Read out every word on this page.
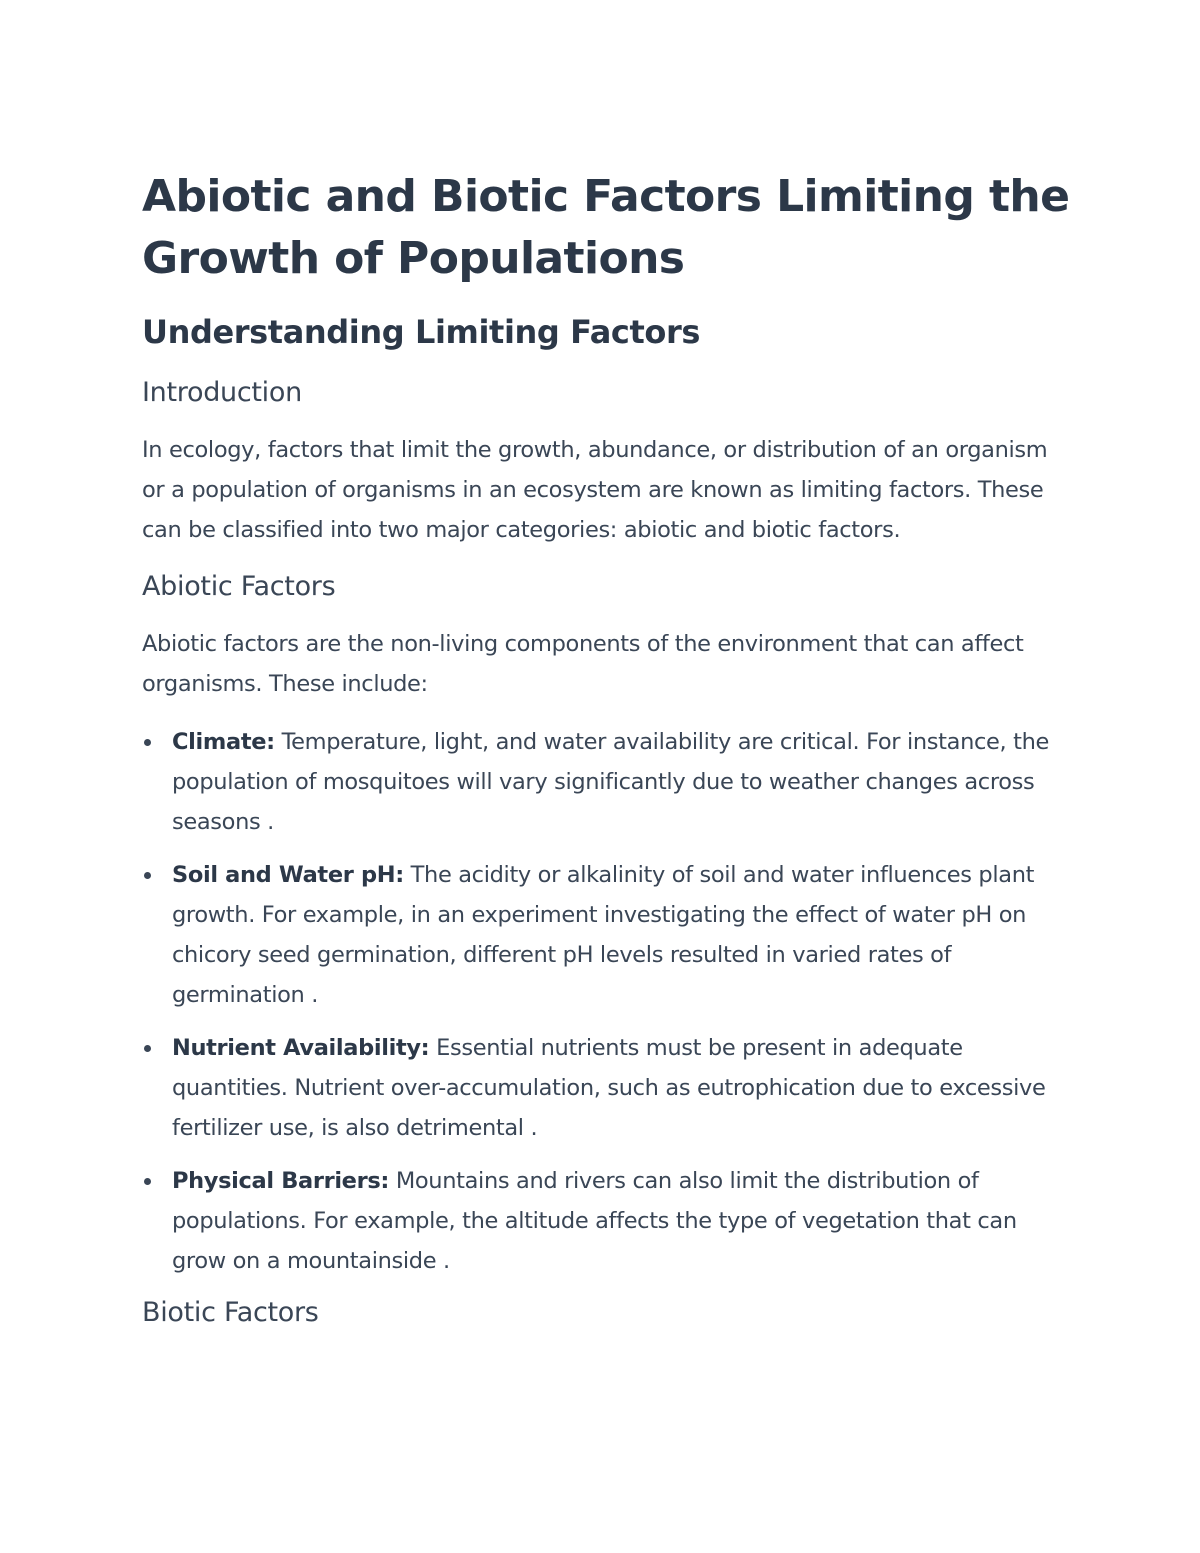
Abiotic and Biotic Factors Limiting the Growth of Populations
Understanding Limiting Factors
Introduction

In ecology, factors that limit the growth, abundance, or distribution of an organism or a population of organisms in an ecosystem are known as limiting factors. These can be classified into two major categories: abiotic and biotic factors.

Abiotic Factors

Abiotic factors are the non-living components of the environment that can affect organisms. These include:

Climate: Temperature, light, and water availability are critical. For instance, the population of mosquitoes will vary significantly due to weather changes across seasons .
Soil and Water pH: The acidity or alkalinity of soil and water influences plant growth. For example, in an experiment investigating the effect of water pH on chicory seed germination, different pH levels resulted in varied rates of germination .
Nutrient Availability: Essential nutrients must be present in adequate quantities. Nutrient over-accumulation, such as eutrophication due to excessive fertilizer use, is also detrimental .
Physical Barriers: Mountains and rivers can also limit the distribution of populations. For example, the altitude affects the type of vegetation that can grow on a mountainside .
Biotic Factors
